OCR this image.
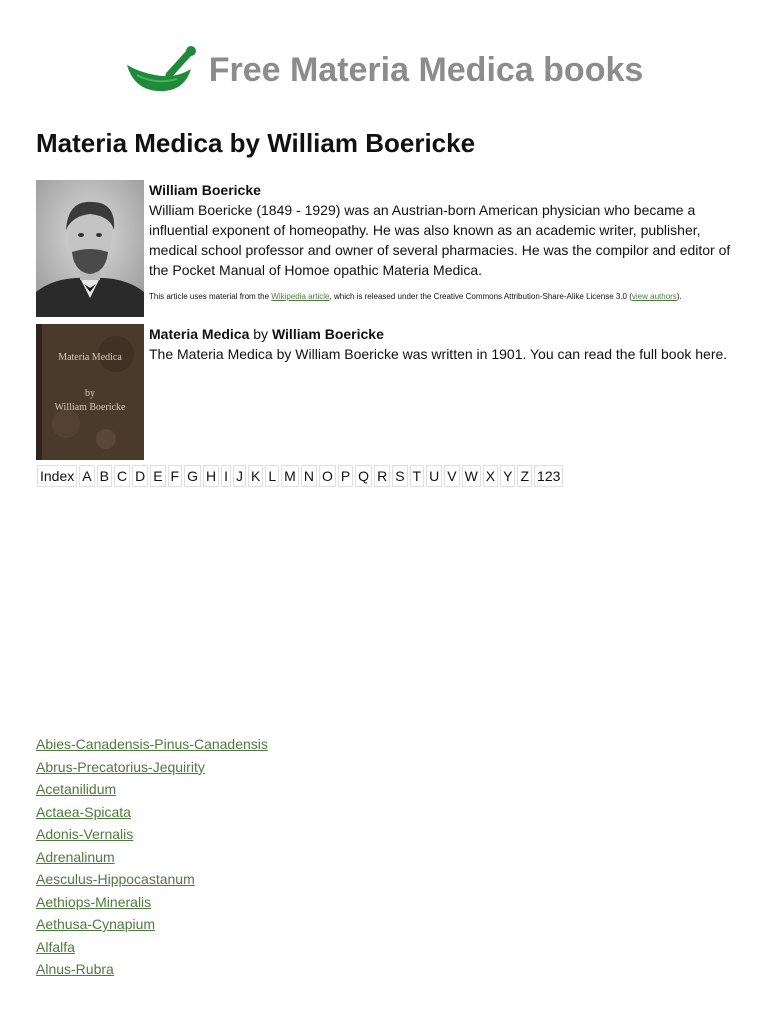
Free Materia Medica books
Materia Medica by William Boericke
William Boericke
William Boericke (1849 - 1929) was an Austrian-born American physician who became a influential exponent of homeopathy. He was also known as an academic writer, publisher, medical school professor and owner of several pharmacies. He was the compilor and editor of the Pocket Manual of Homoe opathic Materia Medica.
This article uses material from the Wikipedia article, which is released under the Creative Commons Attribution-Share-Alike License 3.0 (view authors).
Materia Medica
by
William Boericke
Materia Medica by William Boericke
The Materia Medica by William Boericke was written in 1901. You can read the full book here.
Index A B C D E F G H I J K L M N O P Q R S T U V W X Y Z 123
Abies-Canadensis-Pinus-Canadensis
Abrus-Precatorius-Jequirity
Acetanilidum
Actaea-Spicata
Adonis-Vernalis
Adrenalinum
Aesculus-Hippocastanum
Aethiops-Mineralis
Aethusa-Cynapium
Alfalfa
Alnus-Rubra
